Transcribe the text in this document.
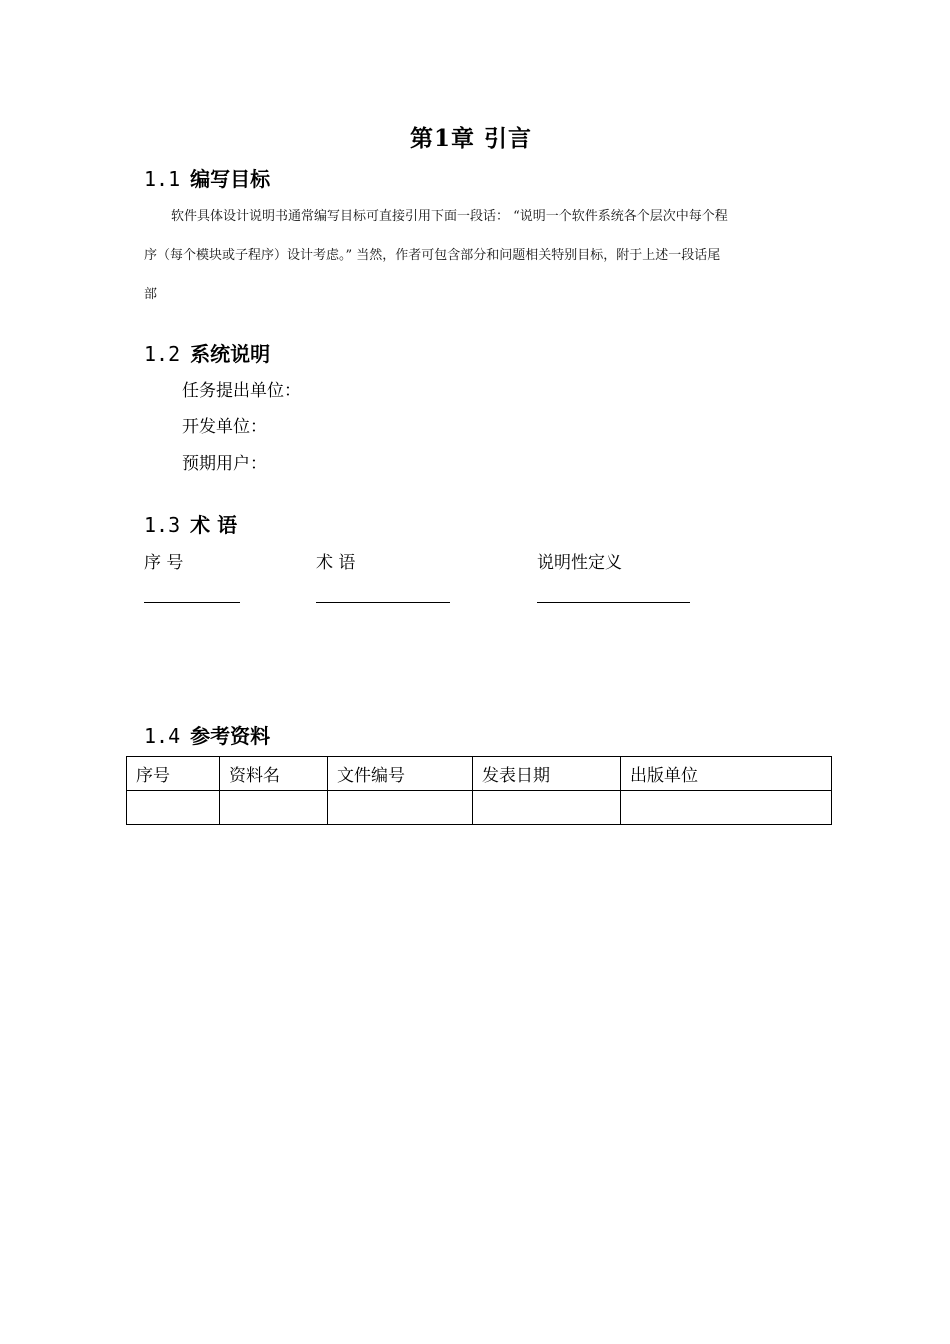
第1章 引言
1.1 编写目标
软件具体设计说明书通常编写目标可直接引用下面一段话： “说明一个软件系统各个层次中每个程
序（每个模块或子程序）设计考虑。” 当然，作者可包含部分和问题相关特别目标，附于上述一段话尾
部
1.2 系统说明
任务提出单位：
开发单位：
预期用户：
1.3 术 语
序 号	术 语	说明性定义
1.4 参考资料
序号	资料名	文件编号	发表日期	出版单位
